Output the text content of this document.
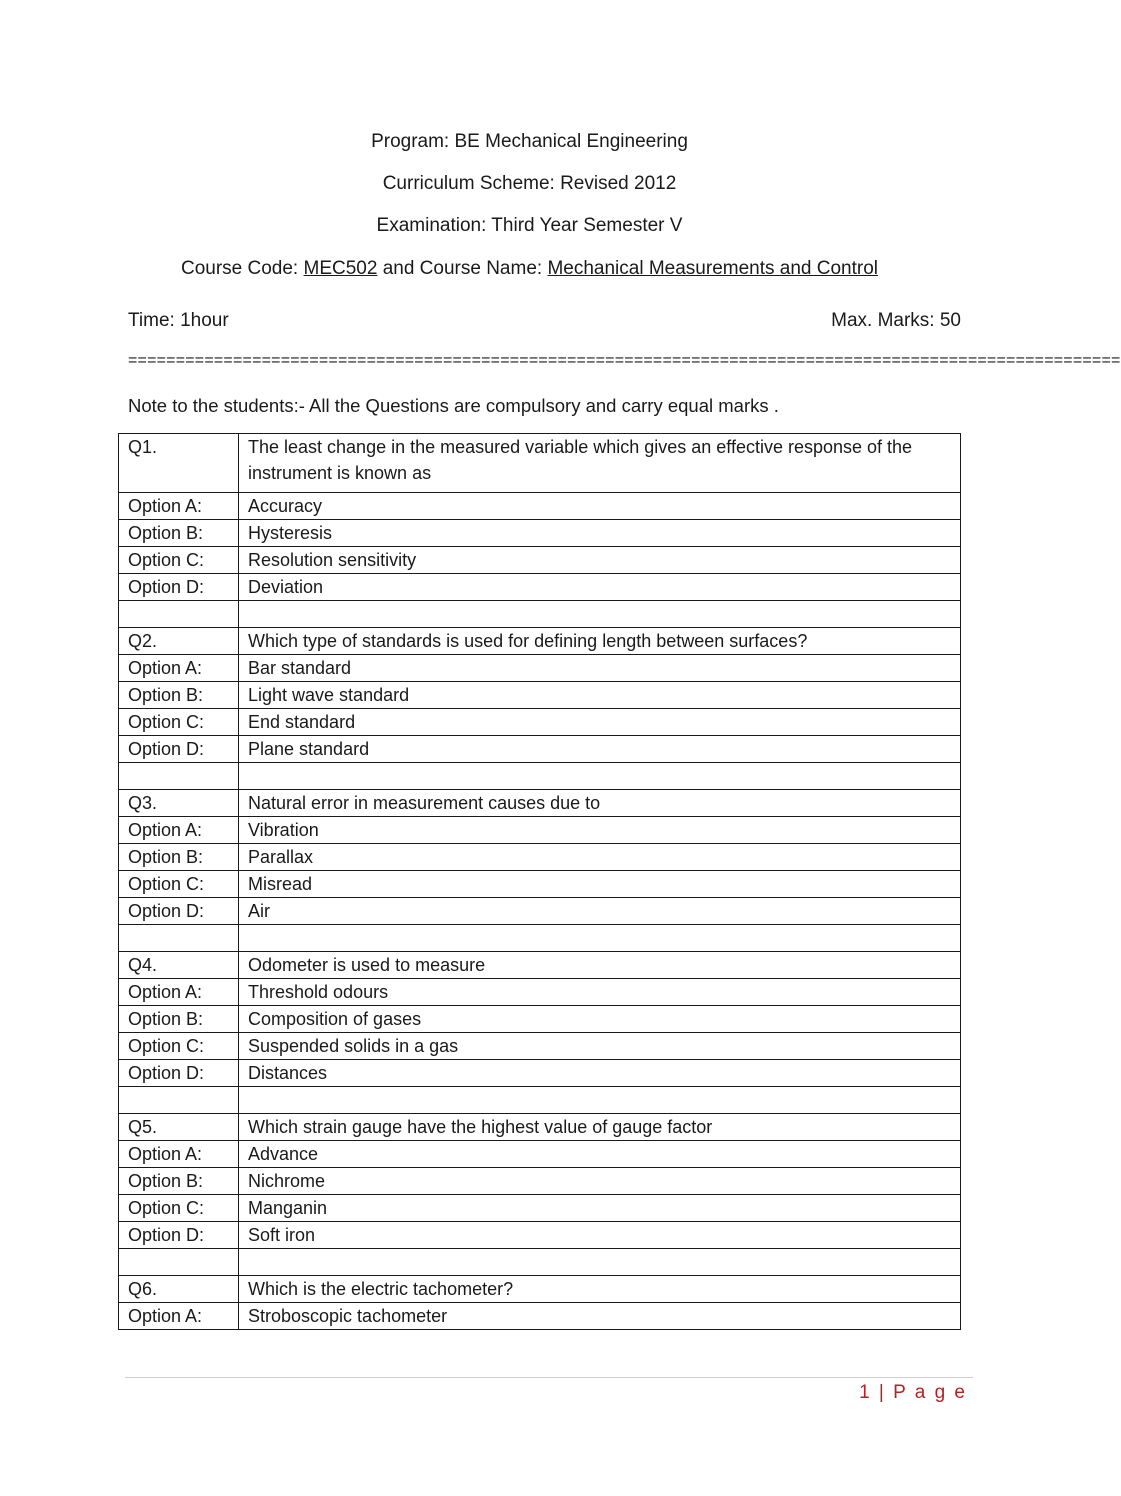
Program: BE Mechanical Engineering
Curriculum Scheme: Revised 2012
Examination: Third Year Semester V
Course Code: MEC502 and Course Name: Mechanical Measurements and Control
Time: 1hour	Max. Marks: 50
========================================================================================================
Note to the students:- All the Questions are compulsory and carry equal marks .
Q1.	The least change in the measured variable which gives an effective response of the instrument is known as
Option A:	Accuracy
Option B:	Hysteresis
Option C:	Resolution sensitivity
Option D:	Deviation

Q2.	Which type of standards is used for defining length between surfaces?
Option A:	Bar standard
Option B:	Light wave standard
Option C:	End standard
Option D:	Plane standard

Q3.	Natural error in measurement causes due to
Option A:	Vibration
Option B:	Parallax
Option C:	Misread
Option D:	Air

Q4.	Odometer is used to measure
Option A:	Threshold odours
Option B:	Composition of gases
Option C:	Suspended solids in a gas
Option D:	Distances

Q5.	Which strain gauge have the highest value of gauge factor
Option A:	Advance
Option B:	Nichrome
Option C:	Manganin
Option D:	Soft iron

Q6.	Which is the electric tachometer?
Option A:	Stroboscopic tachometer
1 | P a g e
